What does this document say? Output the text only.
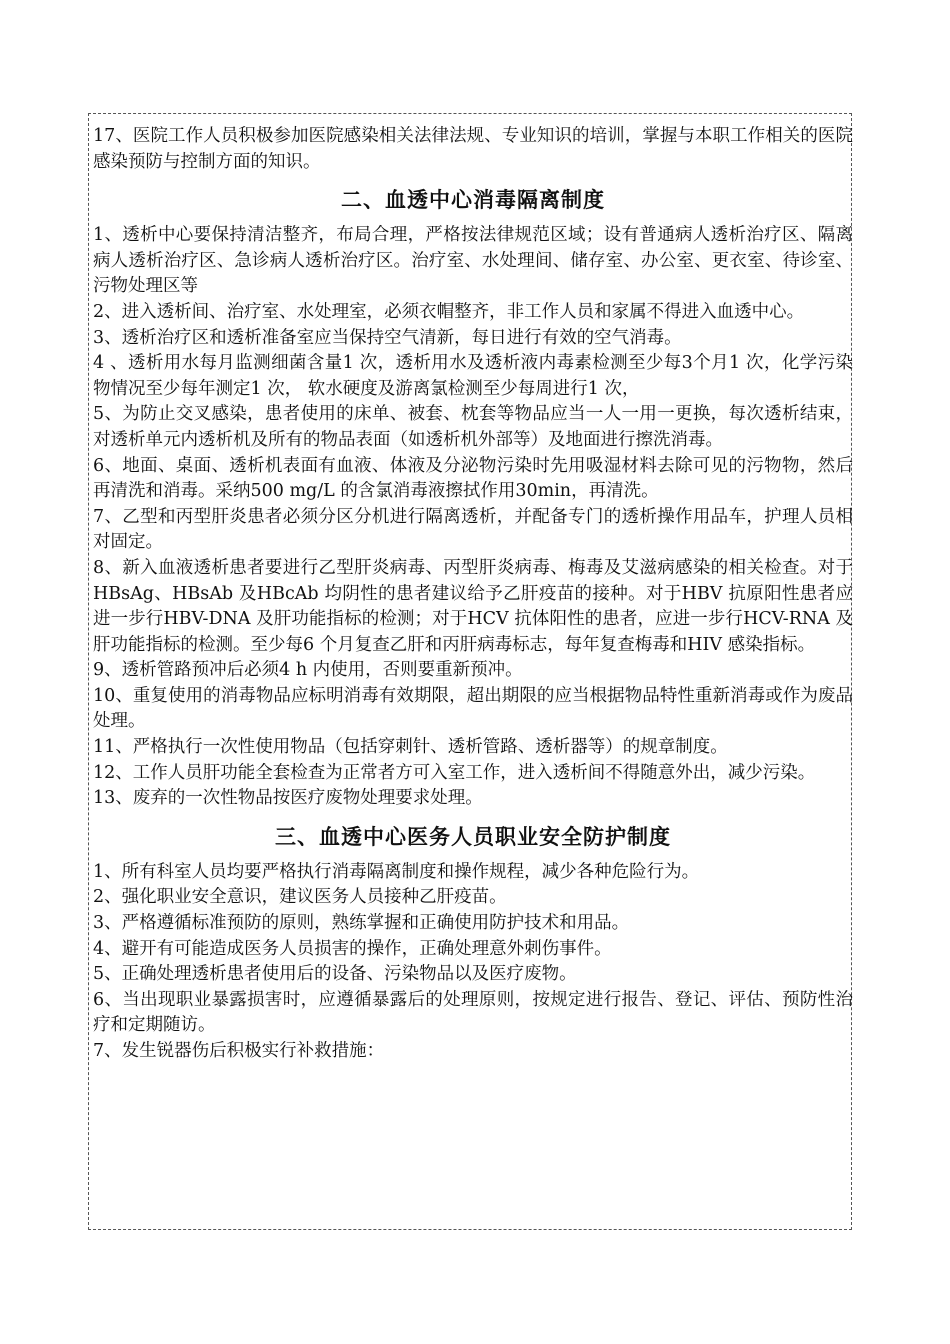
17、医院工作人员积极参加医院感染相关法律法规、专业知识的培训，掌握与本职工作相关的医院感染预防与控制方面的知识。

二、血透中心消毒隔离制度

1、透析中心要保持清洁整齐，布局合理，严格按法律规范区域；设有普通病人透析治疗区、隔离病人透析治疗区、急诊病人透析治疗区。治疗室、水处理间、储存室、办公室、更衣室、待诊室、污物处理区等

2、进入透析间、治疗室、水处理室，必须衣帽整齐，非工作人员和家属不得进入血透中心。

3、透析治疗区和透析准备室应当保持空气清新，每日进行有效的空气消毒。

4 、透析用水每月监测细菌含量1 次，透析用水及透析液内毒素检测至少每3个月1 次，化学污染物情况至少每年测定1 次， 软水硬度及游离氯检测至少每周进行1 次，

5、为防止交叉感染，患者使用的床单、被套、枕套等物品应当一人一用一更换，每次透析结束，对透析单元内透析机及所有的物品表面（如透析机外部等）及地面进行擦洗消毒。

6、地面、桌面、透析机表面有血液、体液及分泌物污染时先用吸湿材料去除可见的污物物，然后再清洗和消毒。采纳500 mg/L 的含氯消毒液擦拭作用30min，再清洗。

7、乙型和丙型肝炎患者必须分区分机进行隔离透析，并配备专门的透析操作用品车，护理人员相对固定。

8、新入血液透析患者要进行乙型肝炎病毒、丙型肝炎病毒、梅毒及艾滋病感染的相关检查。对于HBsAg、HBsAb 及HBcAb 均阴性的患者建议给予乙肝疫苗的接种。对于HBV 抗原阳性患者应进一步行HBV-DNA 及肝功能指标的检测；对于HCV 抗体阳性的患者，应进一步行HCV-RNA 及肝功能指标的检测。至少每6 个月复查乙肝和丙肝病毒标志，每年复查梅毒和HIV 感染指标。

9、透析管路预冲后必须4 h 内使用，否则要重新预冲。

10、重复使用的消毒物品应标明消毒有效期限，超出期限的应当根据物品特性重新消毒或作为废品处理。

11、严格执行一次性使用物品（包括穿刺针、透析管路、透析器等）的规章制度。

12、工作人员肝功能全套检查为正常者方可入室工作，进入透析间不得随意外出，减少污染。

13、废弃的一次性物品按医疗废物处理要求处理。

三、血透中心医务人员职业安全防护制度

1、所有科室人员均要严格执行消毒隔离制度和操作规程，减少各种危险行为。

2、强化职业安全意识，建议医务人员接种乙肝疫苗。

3、严格遵循标准预防的原则，熟练掌握和正确使用防护技术和用品。

4、避开有可能造成医务人员损害的操作，正确处理意外刺伤事件。

5、正确处理透析患者使用后的设备、污染物品以及医疗废物。

6、当出现职业暴露损害时，应遵循暴露后的处理原则，按规定进行报告、登记、评估、预防性治疗和定期随访。

7、发生锐器伤后积极实行补救措施：
